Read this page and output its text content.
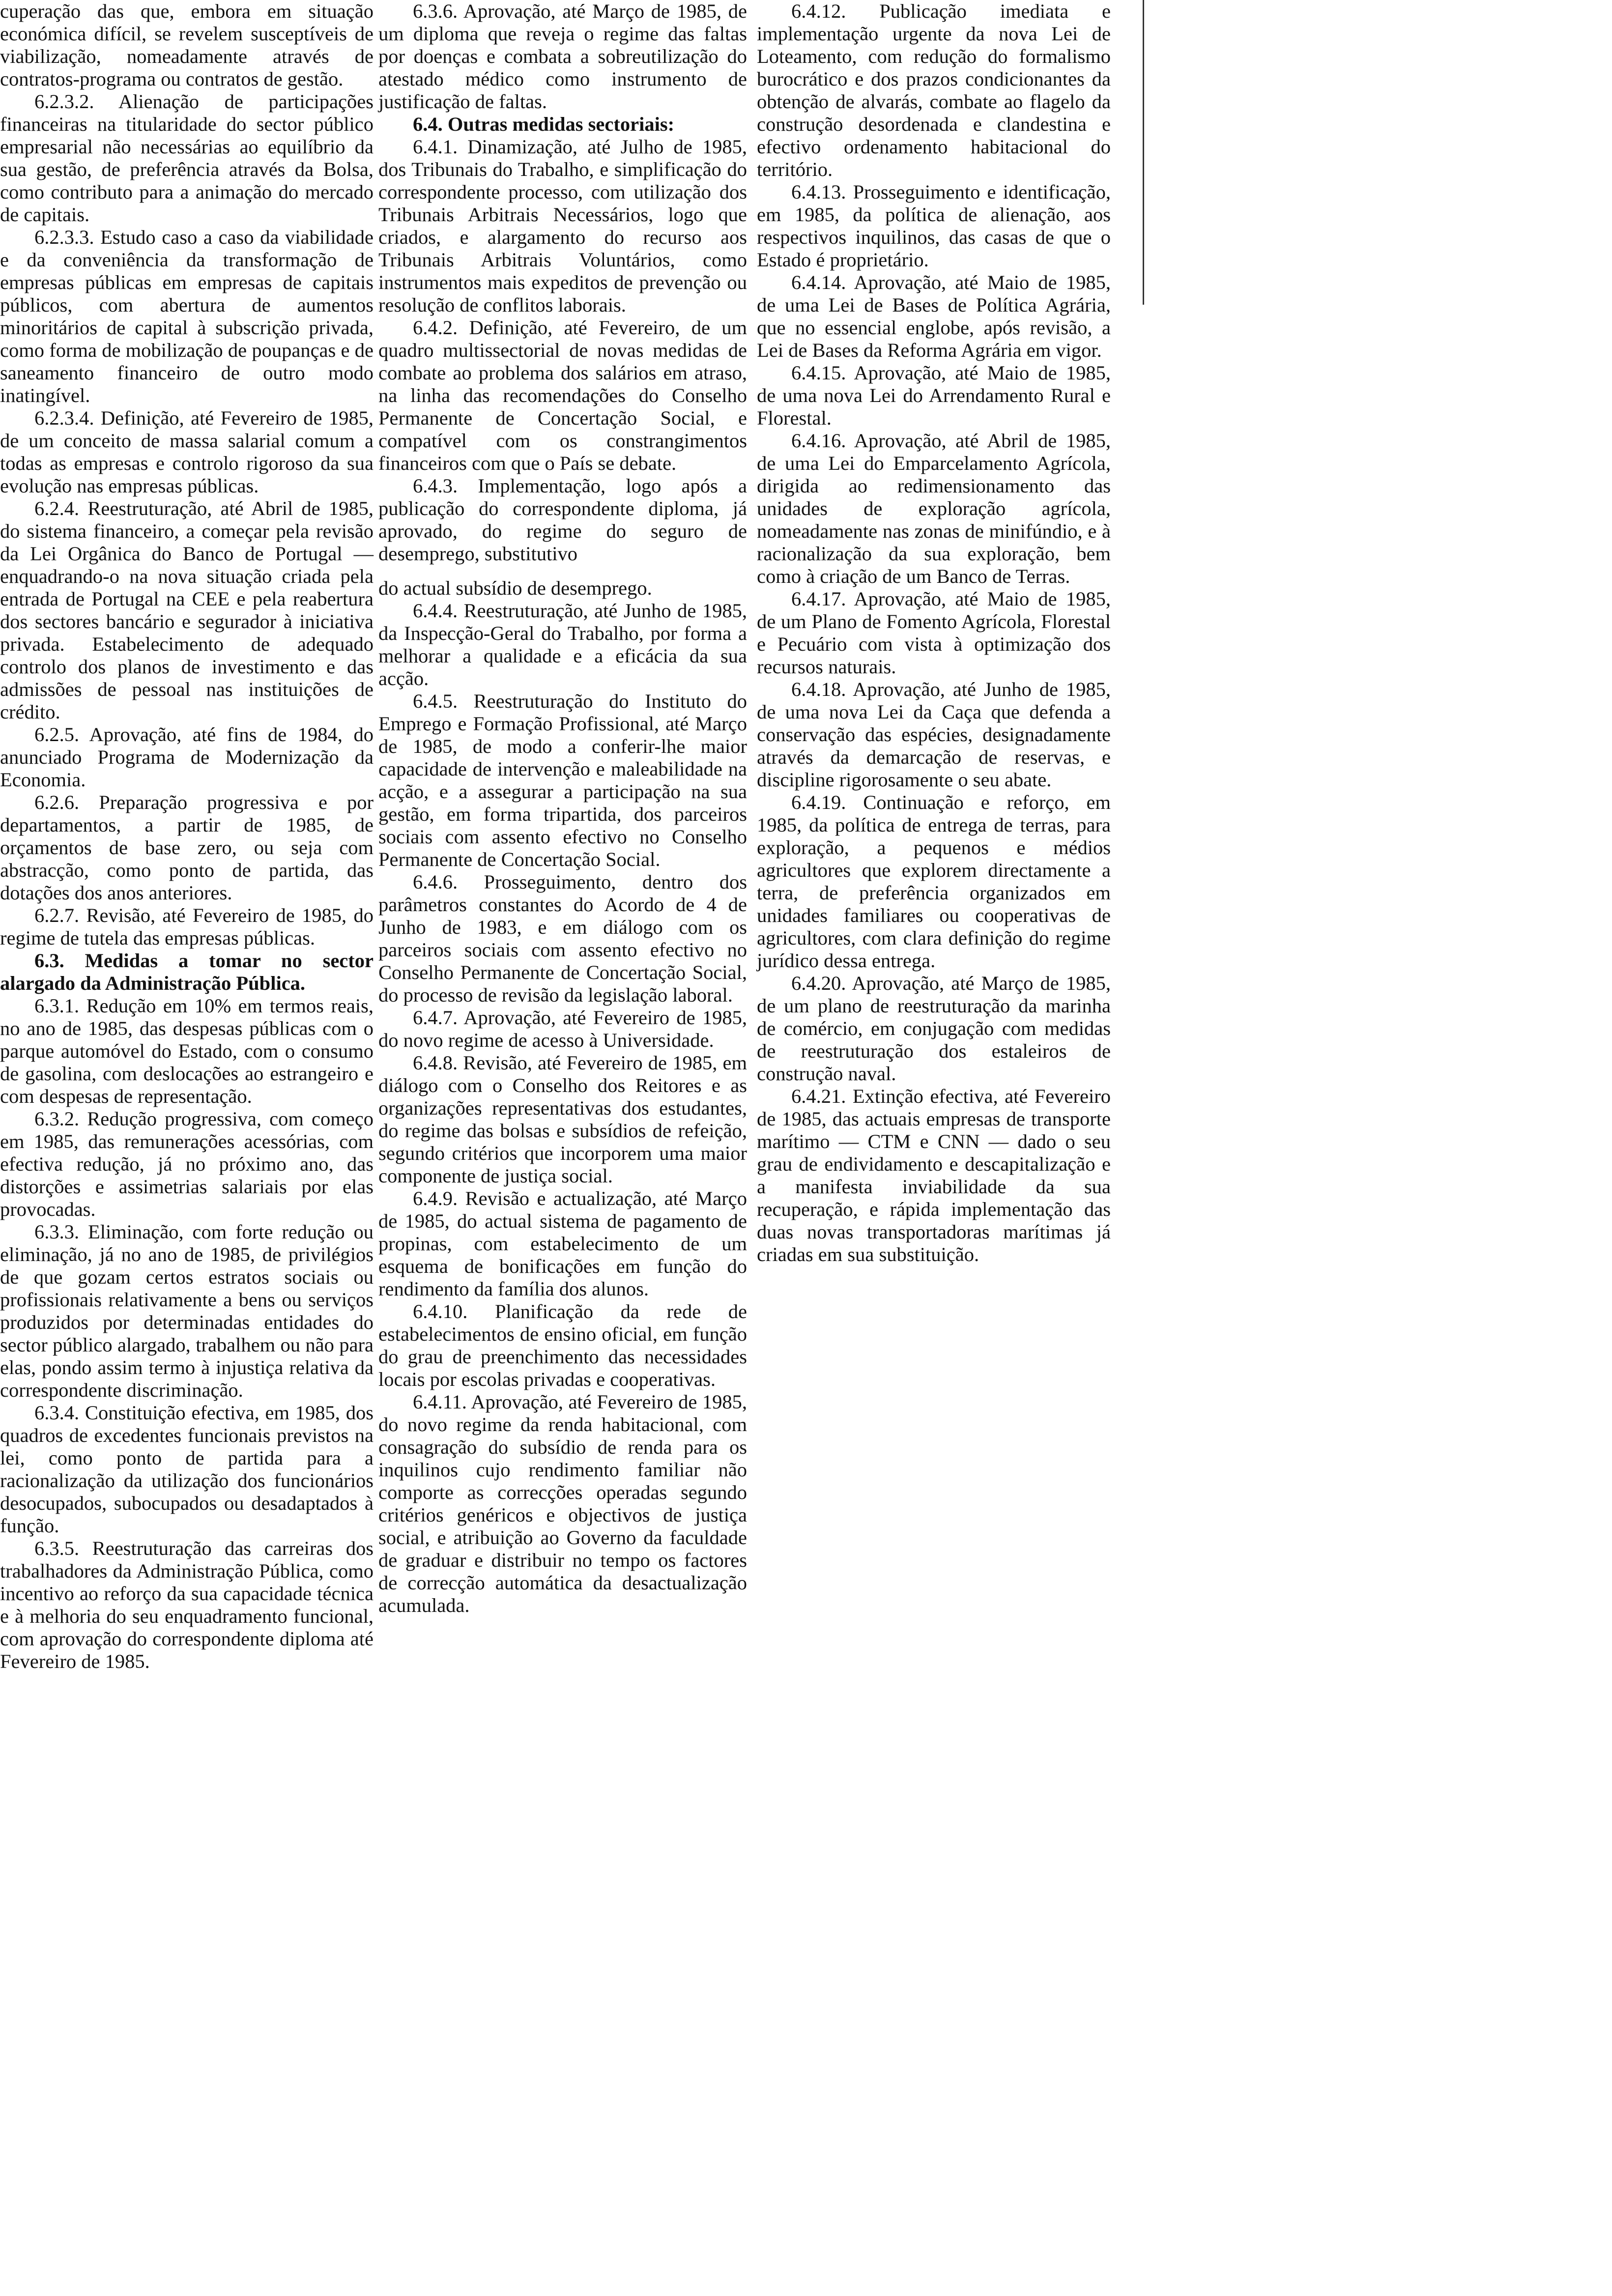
cuperação das que, embora em situação económica difícil, se revelem susceptíveis de viabilização, nomeadamente através de contratos-programa ou contratos de gestão.

6.2.3.2. Alienação de participações financeiras na titularidade do sector público empresarial não necessárias ao equilíbrio da sua gestão, de preferência através da Bolsa, como contributo para a animação do mercado de capitais.

6.2.3.3. Estudo caso a caso da viabilidade e da conveniência da transformação de empresas públicas em empresas de capitais públicos, com abertura de aumentos minoritários de capital à subscrição privada, como forma de mobilização de poupanças e de saneamento financeiro de outro modo inatingível.

6.2.3.4. Definição, até Fevereiro de 1985, de um conceito de massa salarial comum a todas as empresas e controlo rigoroso da sua evolução nas empresas públicas.

6.2.4. Reestruturação, até Abril de 1985, do sistema financeiro, a começar pela revisão da Lei Orgânica do Banco de Portugal — enquadrando-o na nova situação criada pela entrada de Portugal na CEE e pela reabertura dos sectores bancário e segurador à iniciativa privada. Estabelecimento de adequado controlo dos planos de investimento e das admissões de pessoal nas instituições de crédito.

6.2.5. Aprovação, até fins de 1984, do anunciado Programa de Modernização da Economia.

6.2.6. Preparação progressiva e por departamentos, a partir de 1985, de orçamentos de base zero, ou seja com abstracção, como ponto de partida, das dotações dos anos anteriores.

6.2.7. Revisão, até Fevereiro de 1985, do regime de tutela das empresas públicas.

6.3. Medidas a tomar no sector alargado da Administração Pública.

6.3.1. Redução em 10% em termos reais, no ano de 1985, das despesas públicas com o parque automóvel do Estado, com o consumo de gasolina, com deslocações ao estrangeiro e com despesas de representação.

6.3.2. Redução progressiva, com começo em 1985, das remunerações acessórias, com efectiva redução, já no próximo ano, das distorções e assimetrias salariais por elas provocadas.

6.3.3. Eliminação, com forte redução ou eliminação, já no ano de 1985, de privilégios de que gozam certos estratos sociais ou profissionais relativamente a bens ou serviços produzidos por determinadas entidades do sector público alargado, trabalhem ou não para elas, pondo assim termo à injustiça relativa da correspondente discriminação.

6.3.4. Constituição efectiva, em 1985, dos quadros de excedentes funcionais previstos na lei, como ponto de partida para a racionalização da utilização dos funcionários desocupados, subocupados ou desadaptados à função.

6.3.5. Reestruturação das carreiras dos trabalhadores da Administração Pública, como incentivo ao reforço da sua capacidade técnica e à melhoria do seu enquadramento funcional, com aprovação do correspondente diploma até Fevereiro de 1985.

6.3.6. Aprovação, até Março de 1985, de um diploma que reveja o regime das faltas por doenças e combata a sobreutilização do atestado médico como instrumento de justificação de faltas.

6.4. Outras medidas sectoriais:

6.4.1. Dinamização, até Julho de 1985, dos Tribunais do Trabalho, e simplificação do correspondente processo, com utilização dos Tribunais Arbitrais Necessários, logo que criados, e alargamento do recurso aos Tribunais Arbitrais Voluntários, como instrumentos mais expeditos de prevenção ou resolução de conflitos laborais.

6.4.2. Definição, até Fevereiro, de um quadro multissectorial de novas medidas de combate ao problema dos salários em atraso, na linha das recomendações do Conselho Permanente de Concertação Social, e compatível com os constrangimentos financeiros com que o País se debate.

6.4.3. Implementação, logo após a publicação do correspondente diploma, já aprovado, do regime do seguro de desemprego, substitutivo

do actual subsídio de desemprego.

6.4.4. Reestruturação, até Junho de 1985, da Inspecção-Geral do Trabalho, por forma a melhorar a qualidade e a eficácia da sua acção.

6.4.5. Reestruturação do Instituto do Emprego e Formação Profissional, até Março de 1985, de modo a conferir-lhe maior capacidade de intervenção e maleabilidade na acção, e a assegurar a participação na sua gestão, em forma tripartida, dos parceiros sociais com assento efectivo no Conselho Permanente de Concertação Social.

6.4.6. Prosseguimento, dentro dos parâmetros constantes do Acordo de 4 de Junho de 1983, e em diálogo com os parceiros sociais com assento efectivo no Conselho Permanente de Concertação Social, do processo de revisão da legislação laboral.

6.4.7. Aprovação, até Fevereiro de 1985, do novo regime de acesso à Universidade.

6.4.8. Revisão, até Fevereiro de 1985, em diálogo com o Conselho dos Reitores e as organizações representativas dos estudantes, do regime das bolsas e subsídios de refeição, segundo critérios que incorporem uma maior componente de justiça social.

6.4.9. Revisão e actualização, até Março de 1985, do actual sistema de pagamento de propinas, com estabelecimento de um esquema de bonificações em função do rendimento da família dos alunos.

6.4.10. Planificação da rede de estabelecimentos de ensino oficial, em função do grau de preenchimento das necessidades locais por escolas privadas e cooperativas.

6.4.11. Aprovação, até Fevereiro de 1985, do novo regime da renda habitacional, com consagração do subsídio de renda para os inquilinos cujo rendimento familiar não comporte as correcções operadas segundo critérios genéricos e objectivos de justiça social, e atribuição ao Governo da faculdade de graduar e distribuir no tempo os factores de correcção automática da desactualização acumulada.

6.4.12. Publicação imediata e implementação urgente da nova Lei de Loteamento, com redução do formalismo burocrático e dos prazos condicionantes da obtenção de alvarás, combate ao flagelo da construção desordenada e clandestina e efectivo ordenamento habitacional do território.

6.4.13. Prosseguimento e identificação, em 1985, da política de alienação, aos respectivos inquilinos, das casas de que o Estado é proprietário.

6.4.14. Aprovação, até Maio de 1985, de uma Lei de Bases de Política Agrária, que no essencial englobe, após revisão, a Lei de Bases da Reforma Agrária em vigor.

6.4.15. Aprovação, até Maio de 1985, de uma nova Lei do Arrendamento Rural e Florestal.

6.4.16. Aprovação, até Abril de 1985, de uma Lei do Emparcelamento Agrícola, dirigida ao redimensionamento das unidades de exploração agrícola, nomeadamente nas zonas de minifúndio, e à racionalização da sua exploração, bem como à criação de um Banco de Terras.

6.4.17. Aprovação, até Maio de 1985, de um Plano de Fomento Agrícola, Florestal e Pecuário com vista à optimização dos recursos naturais.

6.4.18. Aprovação, até Junho de 1985, de uma nova Lei da Caça que defenda a conservação das espécies, designadamente através da demarcação de reservas, e discipline rigorosamente o seu abate.

6.4.19. Continuação e reforço, em 1985, da política de entrega de terras, para exploração, a pequenos e médios agricultores que explorem directamente a terra, de preferência organizados em unidades familiares ou cooperativas de agricultores, com clara definição do regime jurídico dessa entrega.

6.4.20. Aprovação, até Março de 1985, de um plano de reestruturação da marinha de comércio, em conjugação com medidas de reestruturação dos estaleiros de construção naval.

6.4.21. Extinção efectiva, até Fevereiro de 1985, das actuais empresas de transporte marítimo — CTM e CNN — dado o seu grau de endividamento e descapitalização e a manifesta inviabilidade da sua recuperação, e rápida implementação das duas novas transportadoras marítimas já criadas em sua substituição.
